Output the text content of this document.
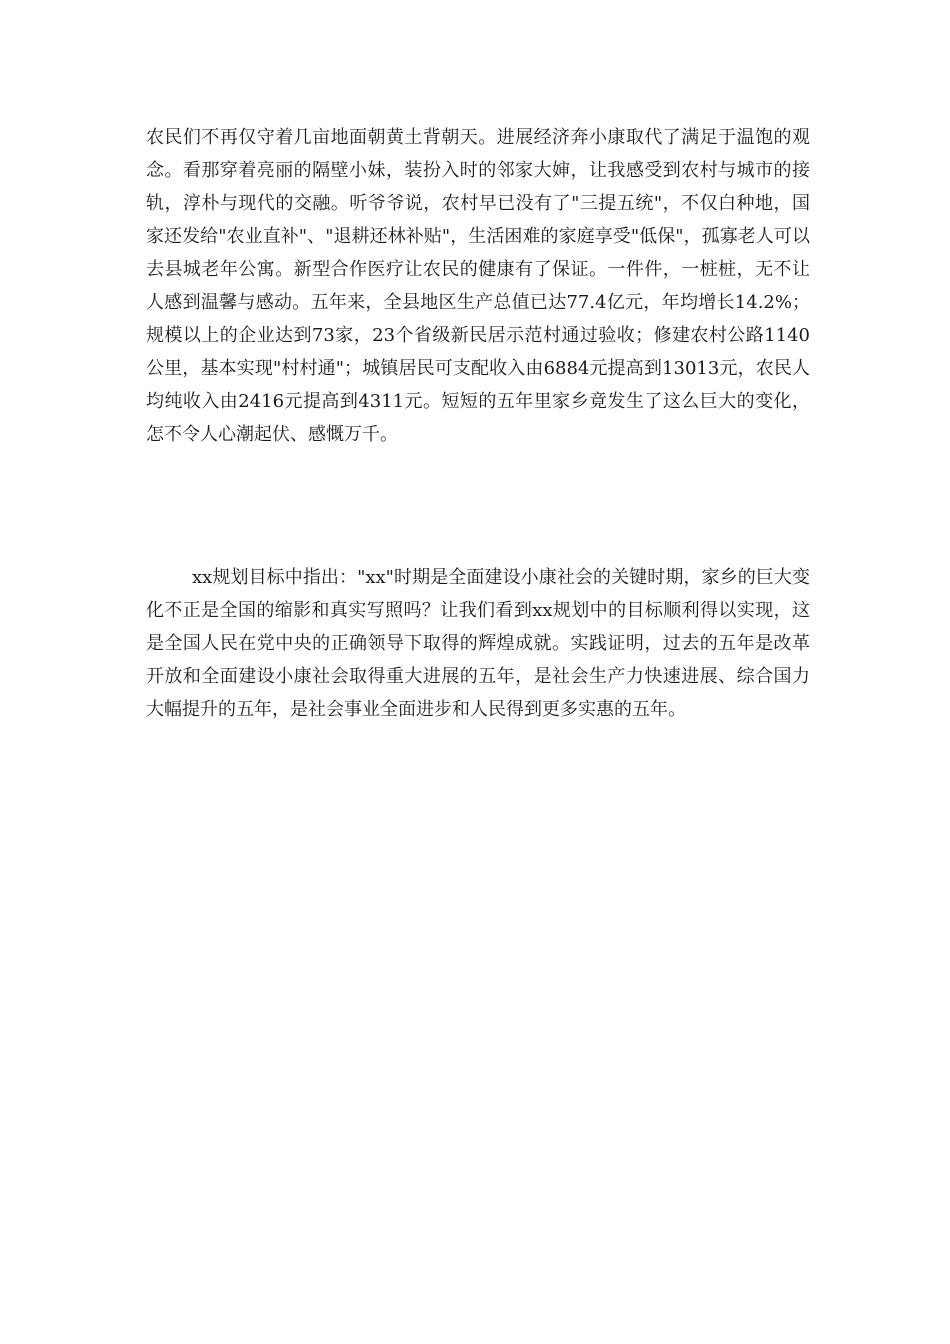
农民们不再仅守着几亩地面朝黄土背朝天。进展经济奔小康取代了满足于温饱的观念。看那穿着亮丽的隔壁小妹，装扮入时的邻家大婶，让我感受到农村与城市的接轨，淳朴与现代的交融。听爷爷说，农村早已没有了"三提五统"，不仅白种地，国家还发给"农业直补"、"退耕还林补贴"，生活困难的家庭享受"低保"，孤寡老人可以去县城老年公寓。新型合作医疗让农民的健康有了保证。一件件，一桩桩，无不让人感到温馨与感动。五年来，全县地区生产总值已达77.4亿元，年均增长14.2%；规模以上的企业达到73家，23个省级新民居示范村通过验收；修建农村公路1140公里，基本实现"村村通"；城镇居民可支配收入由6884元提高到13013元，农民人均纯收入由2416元提高到4311元。短短的五年里家乡竟发生了这么巨大的变化，怎不令人心潮起伏、感慨万千。

xx规划目标中指出："xx"时期是全面建设小康社会的关键时期，家乡的巨大变化不正是全国的缩影和真实写照吗？让我们看到xx规划中的目标顺利得以实现，这是全国人民在党中央的正确领导下取得的辉煌成就。实践证明，过去的五年是改革开放和全面建设小康社会取得重大进展的五年，是社会生产力快速进展、综合国力大幅提升的五年，是社会事业全面进步和人民得到更多实惠的五年。
